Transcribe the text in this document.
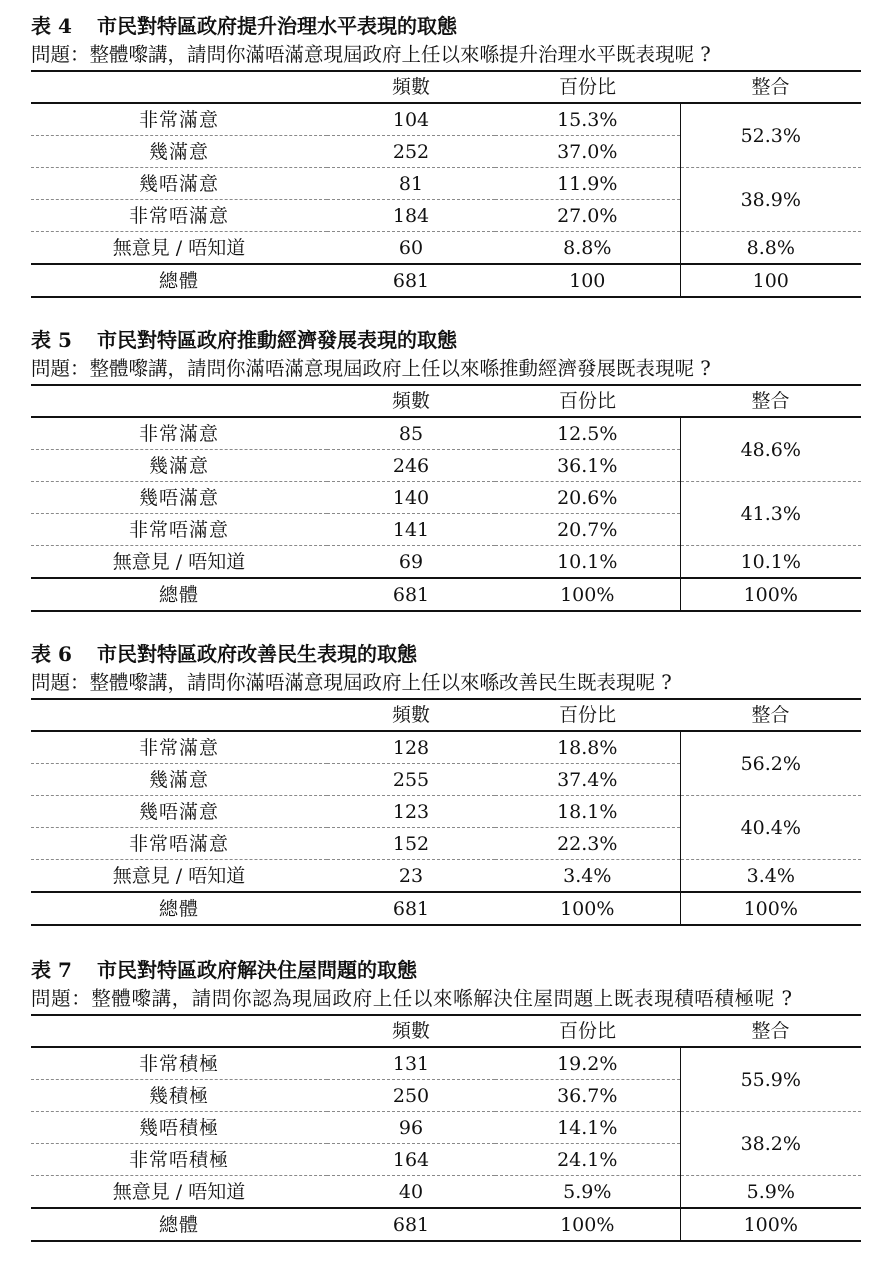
表 4 市民對特區政府提升治理水平表現的取態
問題：整體嚟講，請問你滿唔滿意現屆政府上任以來喺提升治理水平既表現呢 ?
	頻數	百份比	整合
非常滿意	104	15.3%	52.3%
幾滿意	252	37.0%	
幾唔滿意	81	11.9%	38.9%
非常唔滿意	184	27.0%	
無意見 / 唔知道	60	8.8%	8.8%
總體	681	100	100
表 5 市民對特區政府推動經濟發展表現的取態
問題：整體嚟講，請問你滿唔滿意現屆政府上任以來喺推動經濟發展既表現呢 ?
	頻數	百份比	整合
非常滿意	85	12.5%	48.6%
幾滿意	246	36.1%	
幾唔滿意	140	20.6%	41.3%
非常唔滿意	141	20.7%	
無意見 / 唔知道	69	10.1%	10.1%
總體	681	100%	100%
表 6 市民對特區政府改善民生表現的取態
問題：整體嚟講，請問你滿唔滿意現屆政府上任以來喺改善民生既表現呢 ?
	頻數	百份比	整合
非常滿意	128	18.8%	56.2%
幾滿意	255	37.4%	
幾唔滿意	123	18.1%	40.4%
非常唔滿意	152	22.3%	
無意見 / 唔知道	23	3.4%	3.4%
總體	681	100%	100%
表 7 市民對特區政府解決住屋問題的取態
問題：整體嚟講，請問你認為現屆政府上任以來喺解決住屋問題上既表現積唔積極呢 ?
	頻數	百份比	整合
非常積極	131	19.2%	55.9%
幾積極	250	36.7%	
幾唔積極	96	14.1%	38.2%
非常唔積極	164	24.1%	
無意見 / 唔知道	40	5.9%	5.9%
總體	681	100%	100%
